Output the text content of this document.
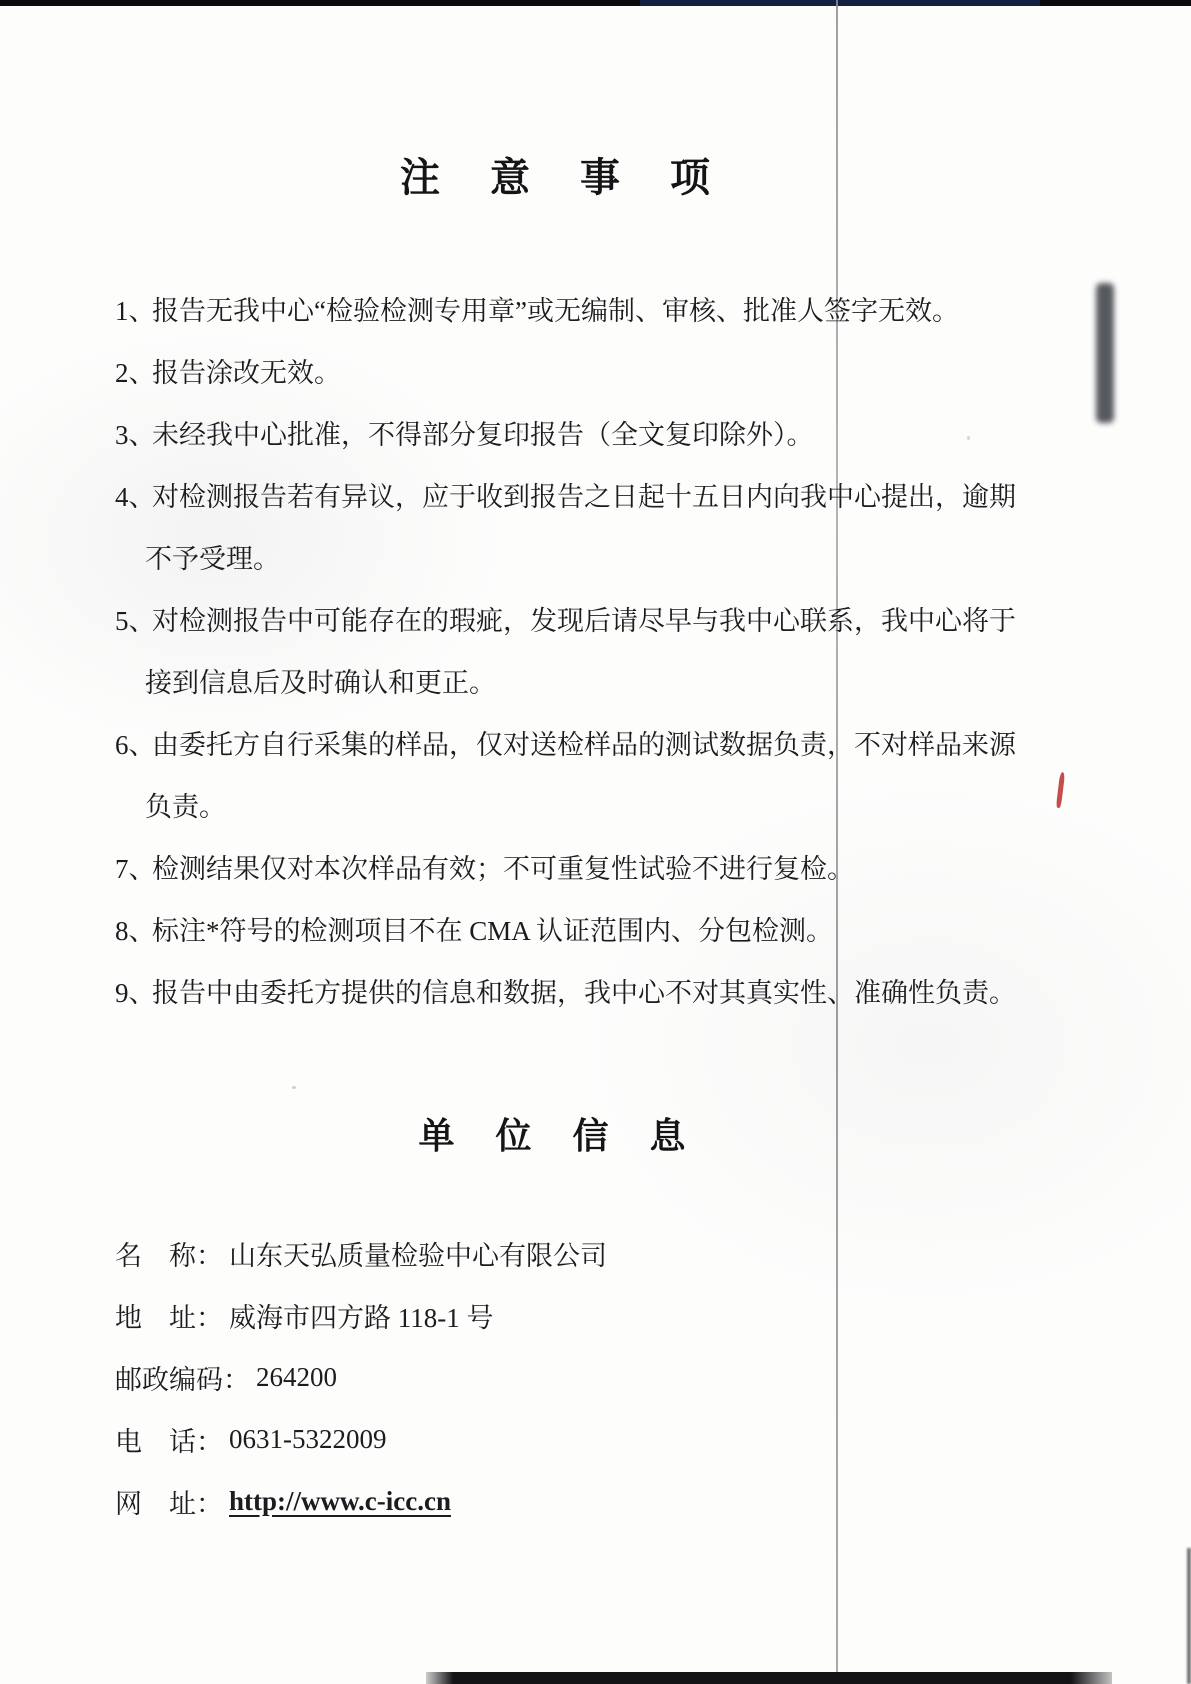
注 意 事 项
1、
报告无我中心“检验检测专用章”或无编制、审核、批准人签字无效。
2、
报告涂改无效。
3、
未经我中心批准，不得部分复印报告（全文复印除外）。
4、
对检测报告若有异议，应于收到报告之日起十五日内向我中心提出，逾期
不予受理。
5、
对检测报告中可能存在的瑕疵，发现后请尽早与我中心联系，我中心将于
接到信息后及时确认和更正。
6、
由委托方自行采集的样品，仅对送检样品的测试数据负责，不对样品来源
负责。
7、
检测结果仅对本次样品有效；不可重复性试验不进行复检。
8、
标注*符号的检测项目不在 CMA 认证范围内、分包检测。
9、
报告中由委托方提供的信息和数据，我中心不对其真实性、准确性负责。
单 位 信 息
名　称： 山东天弘质量检验中心有限公司
地　址： 威海市四方路 118-1 号
邮政编码： 264200
电　话： 0631-5322009
网　址： http://www.c-icc.cn
